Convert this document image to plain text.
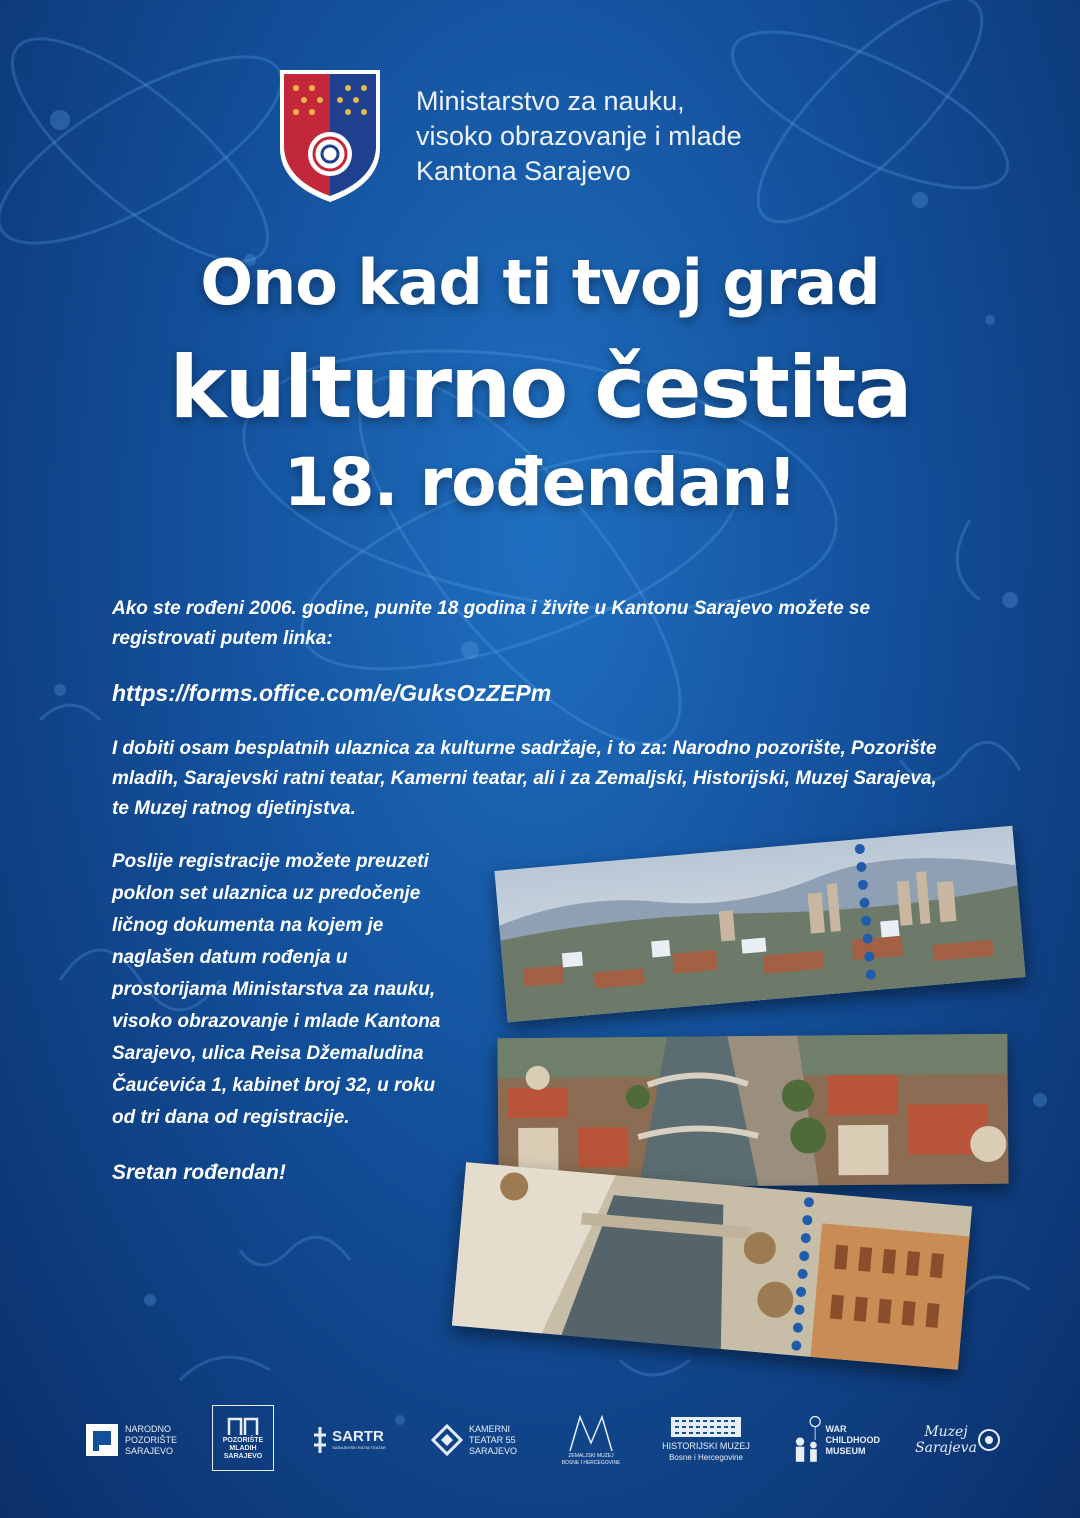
Ministarstvo za nauku,
visoko obrazovanje i mlade
Kantona Sarajevo
Ono kad ti tvoj grad
kulturno čestita
18. rođendan!
Ako ste rođeni 2006. godine, punite 18 godina i živite u Kantonu Sarajevo možete se registrovati putem linka:
https://forms.office.com/e/GuksOzZEPm
I dobiti osam besplatnih ulaznica za kulturne sadržaje, i to za: Narodno pozorište, Pozorište mladih, Sarajevski ratni teatar, Kamerni teatar, ali i za Zemaljski, Historijski, Muzej Sarajeva, te Muzej ratnog djetinjstva.
Poslije registracije možete preuzeti poklon set ulaznica uz predočenje ličnog dokumenta na kojem je naglašen datum rođenja u prostorijama Ministarstva za nauku, visoko obrazovanje i mlade Kantona Sarajevo, ulica Reisa Džemaludina Čaućevića 1, kabinet broj 32, u roku od tri dana od registracije.
Sretan rođendan!
NARODNO
POZORIŠTE
SARAJEVO
POZORIŠTE
MLADIH
SARAJEVO
SARTR
SARAJEVSKI RATNI TEATAR
KAMERNI
TEATAR 55
SARAJEVO
ZEMALJSKI MUZEJ
BOSNE I HERCEGOVINE
HISTORIJSKI MUZEJ
Bosne i Hercegovine
WAR
CHILDHOOD
MUSEUM
Muzej
Sarajeva
